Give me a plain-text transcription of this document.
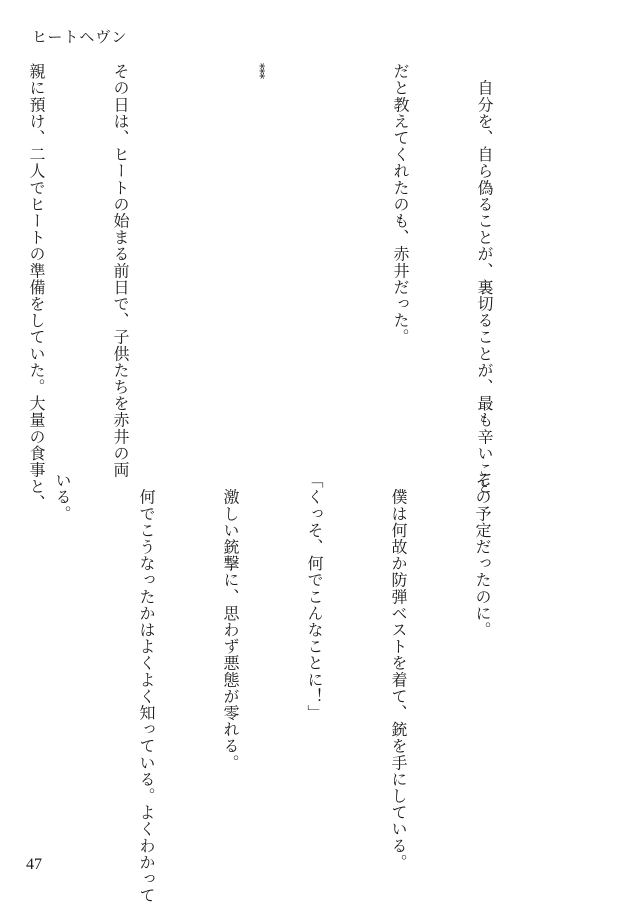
ヒートヘヴン

　自分を、自ら偽ることが、裏切ることが、最も辛いこと

だと教えてくれたのも、赤井だった。

***

その日は、ヒートの始まる前日で、子供たちを赤井の両

親に預け、二人でヒートの準備をしていた。大量の食事と、

その予定だったのに。

　僕は何故か防弾ベストを着て、銃を手にしている。

「くっそ、何でこんなことに！」

　激しい銃撃に、思わず悪態が零れる。

　何でこうなったかはよくよく知っている。よくわかって

いる。

47
